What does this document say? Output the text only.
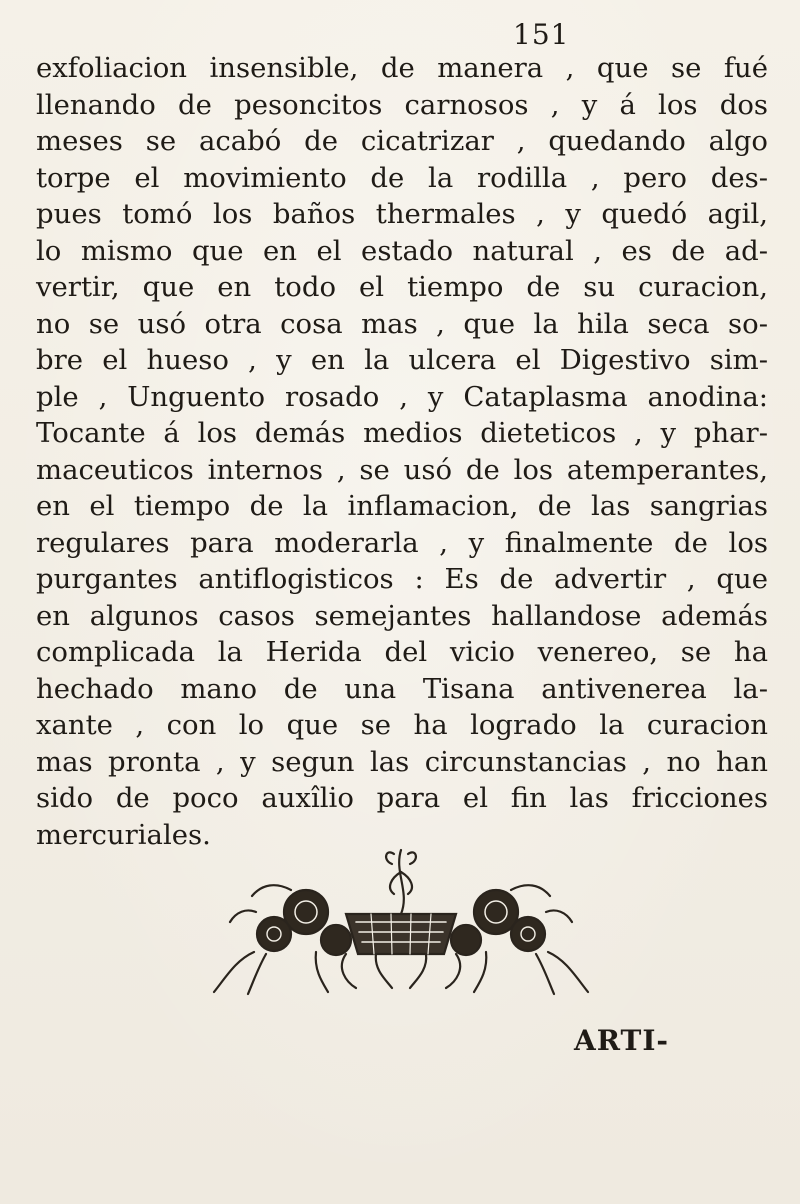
151
exfoliacion insensible, de manera , que se fué
llenando de pesoncitos carnosos , y á los dos
meses se acabó de cicatrizar , quedando algo
torpe el movimiento de la rodilla , pero des-
pues tomó los baños thermales , y quedó agil,
lo mismo que en el estado natural , es de ad-
vertir, que en todo el tiempo de su curacion,
no se usó otra cosa mas , que la hila seca so-
bre el hueso , y en la ulcera el Digestivo sim-
ple , Unguento rosado , y Cataplasma anodina:
Tocante á los demás medios dieteticos , y phar-
maceuticos internos , se usó de los atemperantes,
en el tiempo de la inflamacion, de las sangrias
regulares para moderarla , y finalmente de los
purgantes antiflogisticos : Es de advertir , que
en algunos casos semejantes hallandose además
complicada la Herida del vicio venereo, se ha
hechado mano de una Tisana antivenerea la-
xante , con lo que se ha logrado la curacion
mas pronta , y segun las circunstancias , no han
sido de poco auxîlio para el fin las fricciones
mercuriales.
ARTI-
